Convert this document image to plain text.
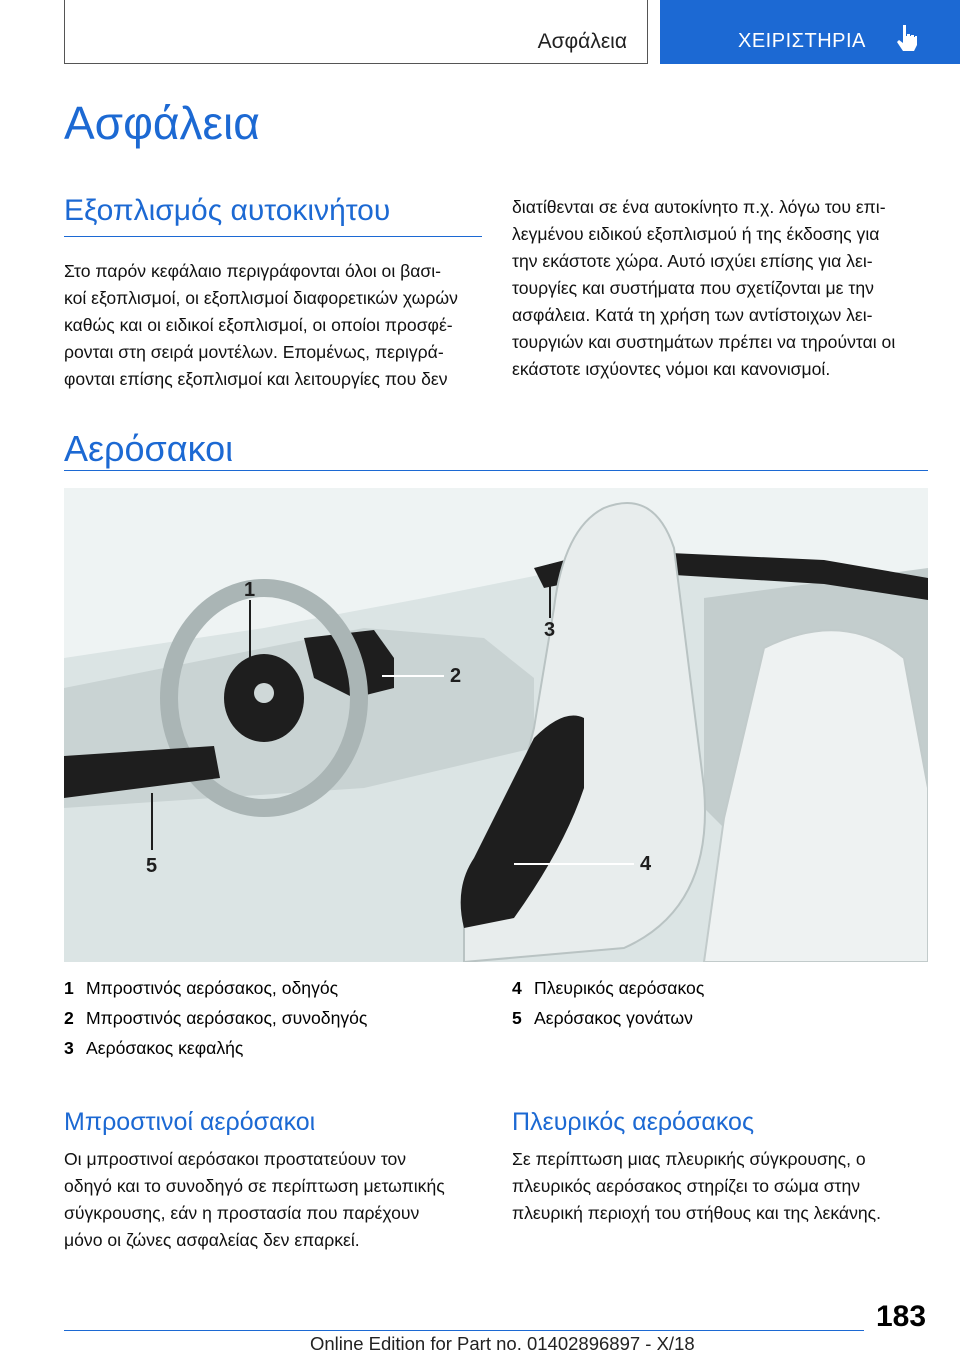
Ασφάλεια	ΧΕΙΡΙΣΤΗΡΙΑ
Ασφάλεια
Εξοπλισμός αυτοκινήτου
Στο παρόν κεφάλαιο περιγράφονται όλοι οι βασι-
κοί εξοπλισμοί, οι εξοπλισμοί διαφορετικών χωρών
καθώς και οι ειδικοί εξοπλισμοί, οι οποίοι προσφέ-
ρονται στη σειρά μοντέλων. Επομένως, περιγρά-
φονται επίσης εξοπλισμοί και λειτουργίες που δεν
διατίθενται σε ένα αυτοκίνητο π.χ. λόγω του επι-
λεγμένου ειδικού εξοπλισμού ή της έκδοσης για
την εκάστοτε χώρα. Αυτό ισχύει επίσης για λει-
τουργίες και συστήματα που σχετίζονται με την
ασφάλεια. Κατά τη χρήση των αντίστοιχων λει-
τουργιών και συστημάτων πρέπει να τηρούνται οι
εκάστοτε ισχύοντες νόμοι και κανονισμοί.
Αερόσακοι
1
2
3
4
5
1 Μπροστινός αερόσακος, οδηγός
2 Μπροστινός αερόσακος, συνοδηγός
3 Αερόσακος κεφαλής
4 Πλευρικός αερόσακος
5 Αερόσακος γονάτων
Μπροστινοί αερόσακοι
Οι μπροστινοί αερόσακοι προστατεύουν τον
οδηγό και το συνοδηγό σε περίπτωση μετωπικής
σύγκρουσης, εάν η προστασία που παρέχουν
μόνο οι ζώνες ασφαλείας δεν επαρκεί.
Πλευρικός αερόσακος
Σε περίπτωση μιας πλευρικής σύγκρουσης, ο
πλευρικός αερόσακος στηρίζει το σώμα στην
πλευρική περιοχή του στήθους και της λεκάνης.
183
Online Edition for Part no. 01402896897 - X/18
